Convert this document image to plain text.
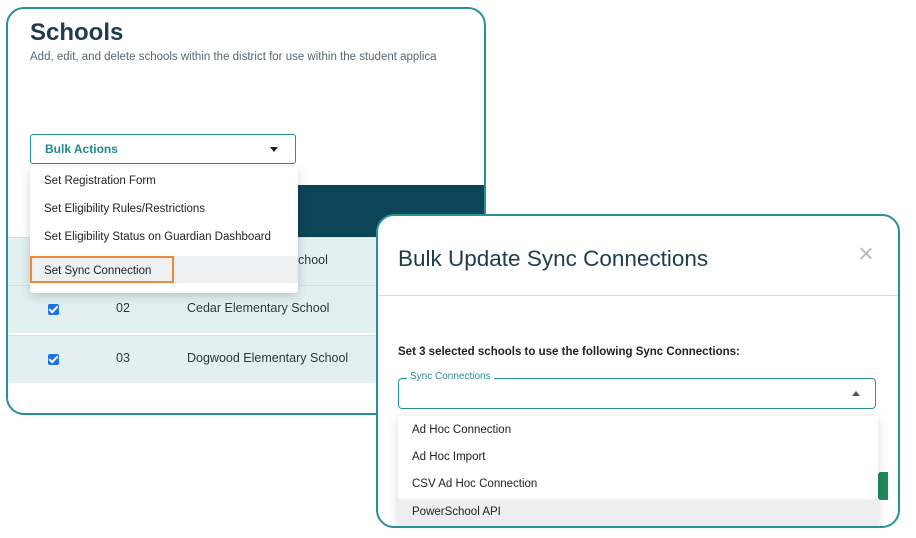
Schools

Add, edit, and delete schools within the district for use within the student applica

chool
02	Cedar Elementary School
03	Dogwood Elementary School
Bulk Actions
Set Registration Form
Set Eligibility Rules/Restrictions
Set Eligibility Status on Guardian Dashboard
Set Sync Connection	Bulk Update Sync Connections

Set 3 selected schools to use the following Sync Connections:

Sync Connections
Ad Hoc Connection
Ad Hoc Import
CSV Ad Hoc Connection
PowerSchool API
